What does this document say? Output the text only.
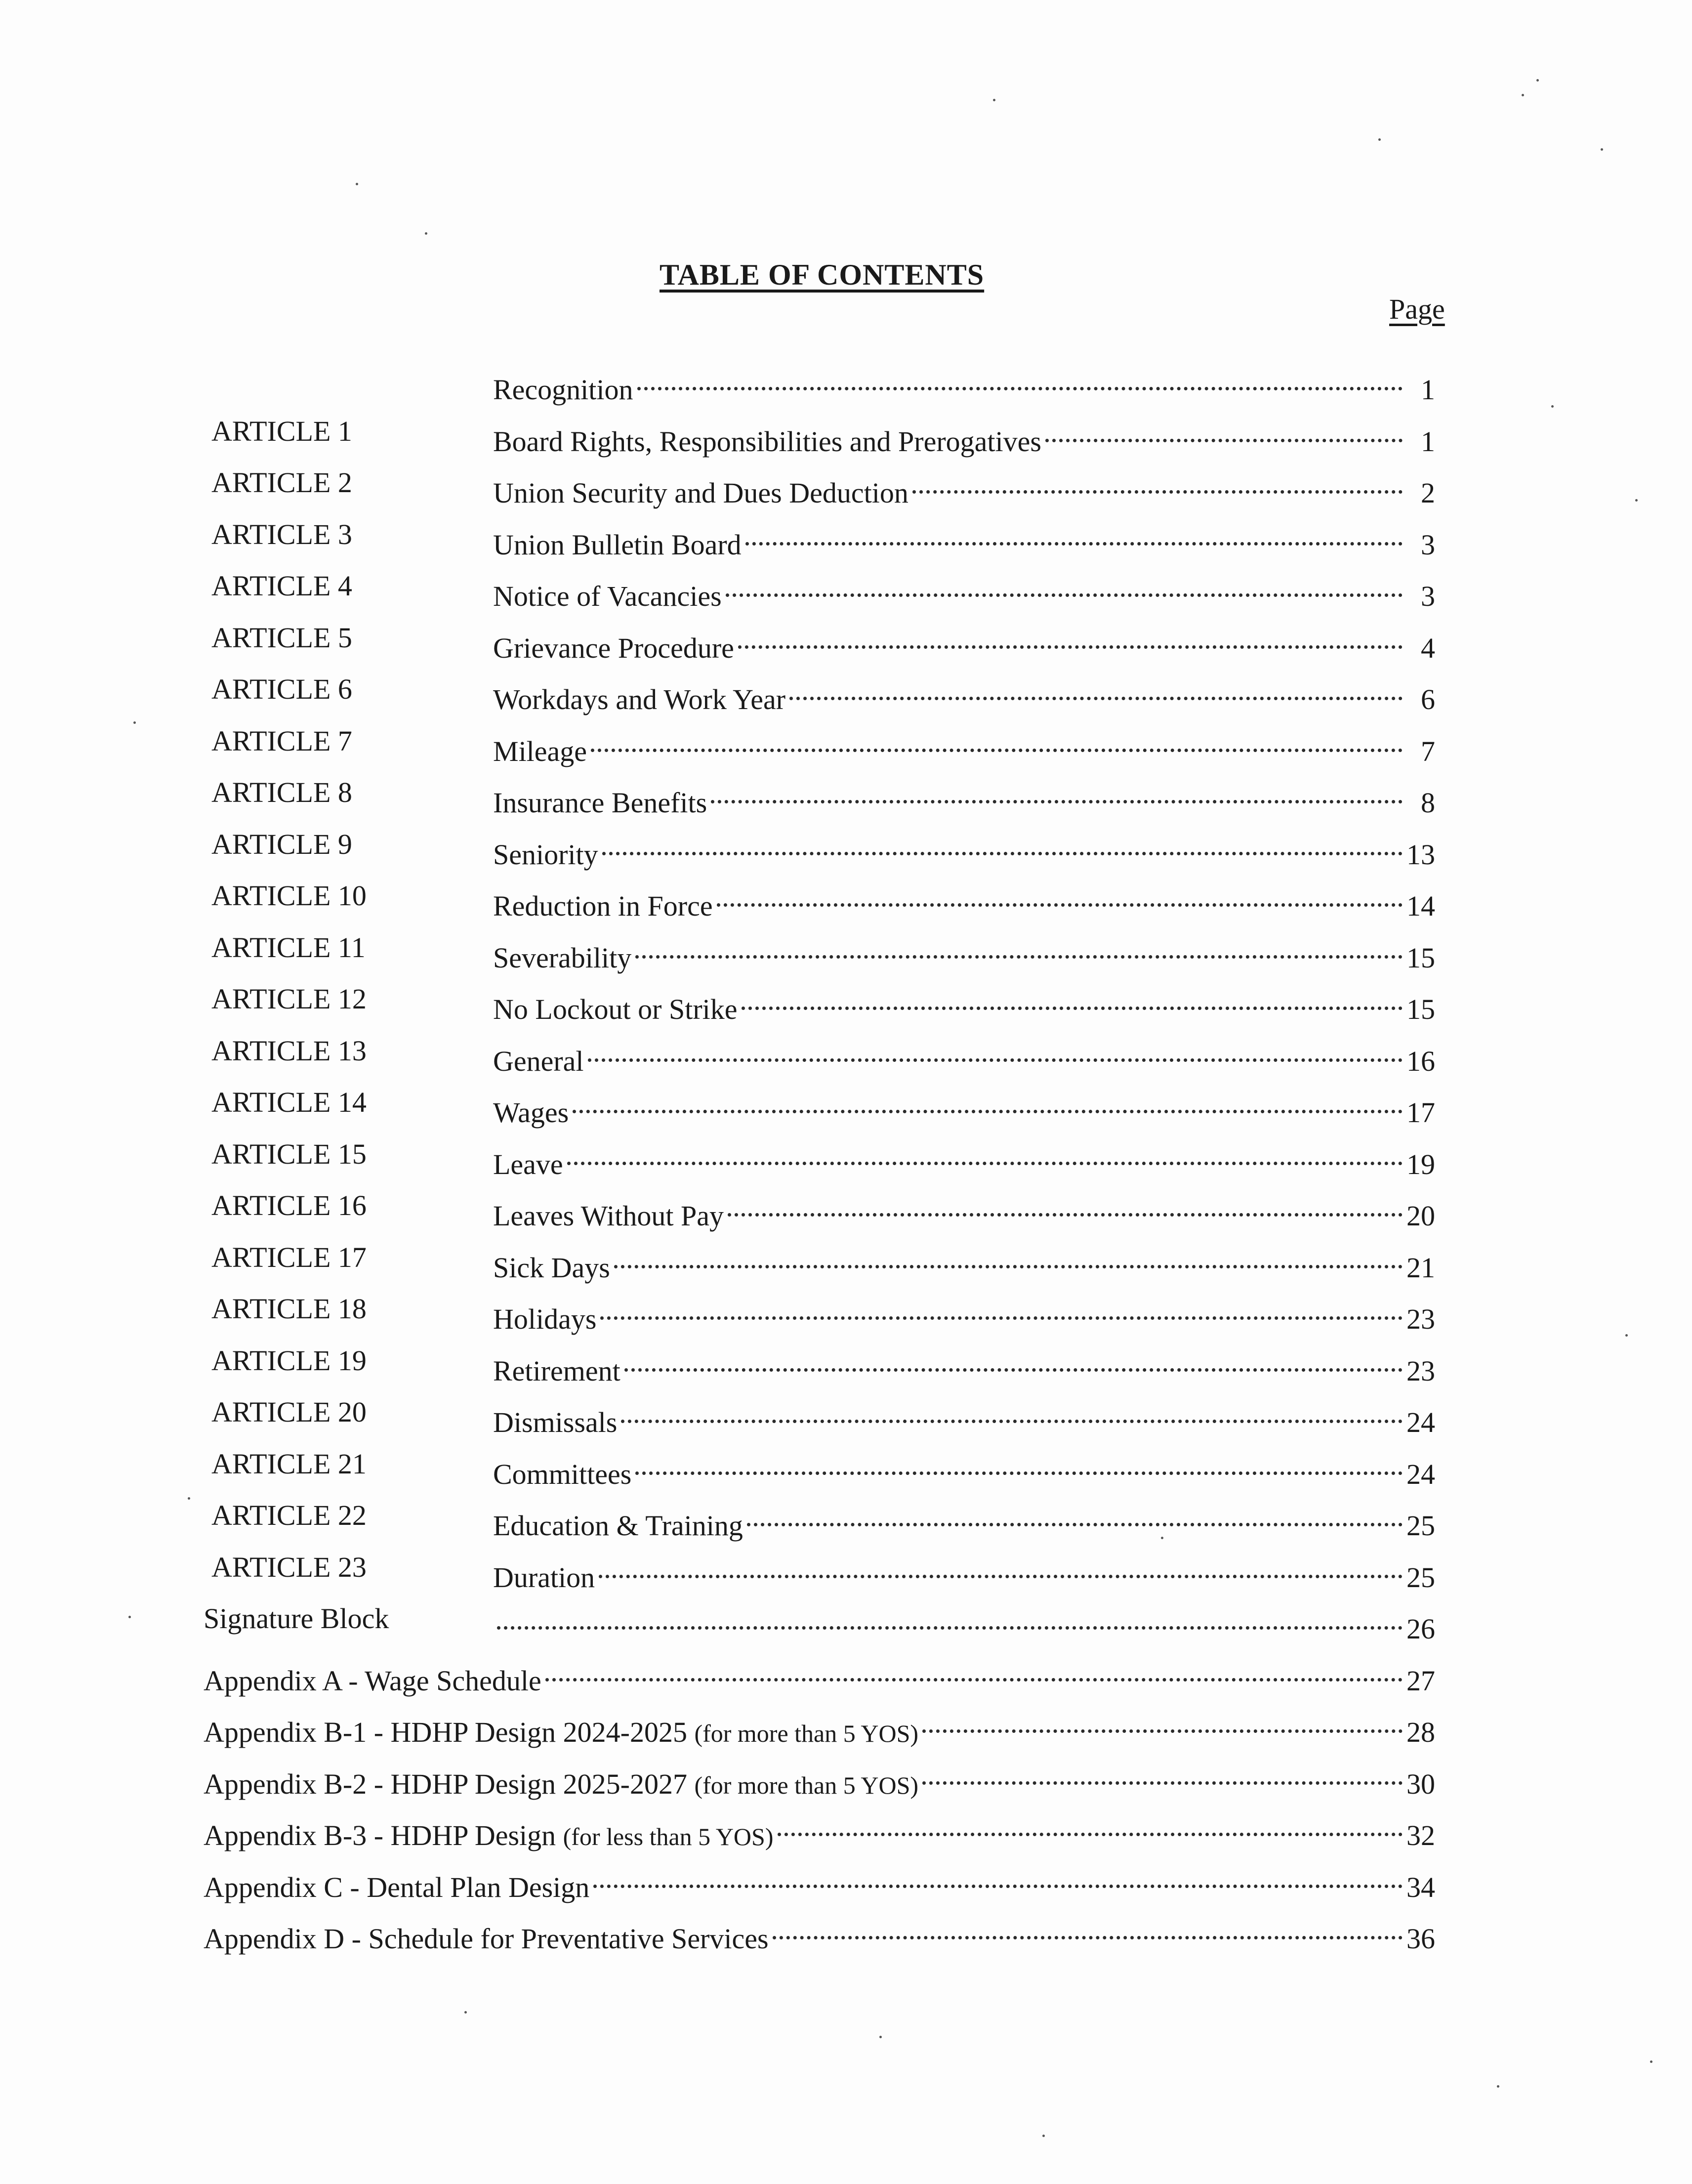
TABLE OF CONTENTS
Page
Recognition	1
ARTICLE 1	Board Rights, Responsibilities and Prerogatives	1
ARTICLE 2	Union Security and Dues Deduction	2
ARTICLE 3	Union Bulletin Board	3
ARTICLE 4	Notice of Vacancies	3
ARTICLE 5	Grievance Procedure	4
ARTICLE 6	Workdays and Work Year	6
ARTICLE 7	Mileage	7
ARTICLE 8	Insurance Benefits	8
ARTICLE 9	Seniority	13
ARTICLE 10	Reduction in Force	14
ARTICLE 11	Severability	15
ARTICLE 12	No Lockout or Strike	15
ARTICLE 13	General	16
ARTICLE 14	Wages	17
ARTICLE 15	Leave	19
ARTICLE 16	Leaves Without Pay	20
ARTICLE 17	Sick Days	21
ARTICLE 18	Holidays	23
ARTICLE 19	Retirement	23
ARTICLE 20	Dismissals	24
ARTICLE 21	Committees	24
ARTICLE 22	Education & Training	25
ARTICLE 23	Duration	25
Signature Block	26
Appendix A - Wage Schedule	27
Appendix B-1 - HDHP Design 2024-2025 (for more than 5 YOS)	28
Appendix B-2 - HDHP Design 2025-2027 (for more than 5 YOS)	30
Appendix B-3 - HDHP Design (for less than 5 YOS)	32
Appendix C - Dental Plan Design	34
Appendix D - Schedule for Preventative Services	36
